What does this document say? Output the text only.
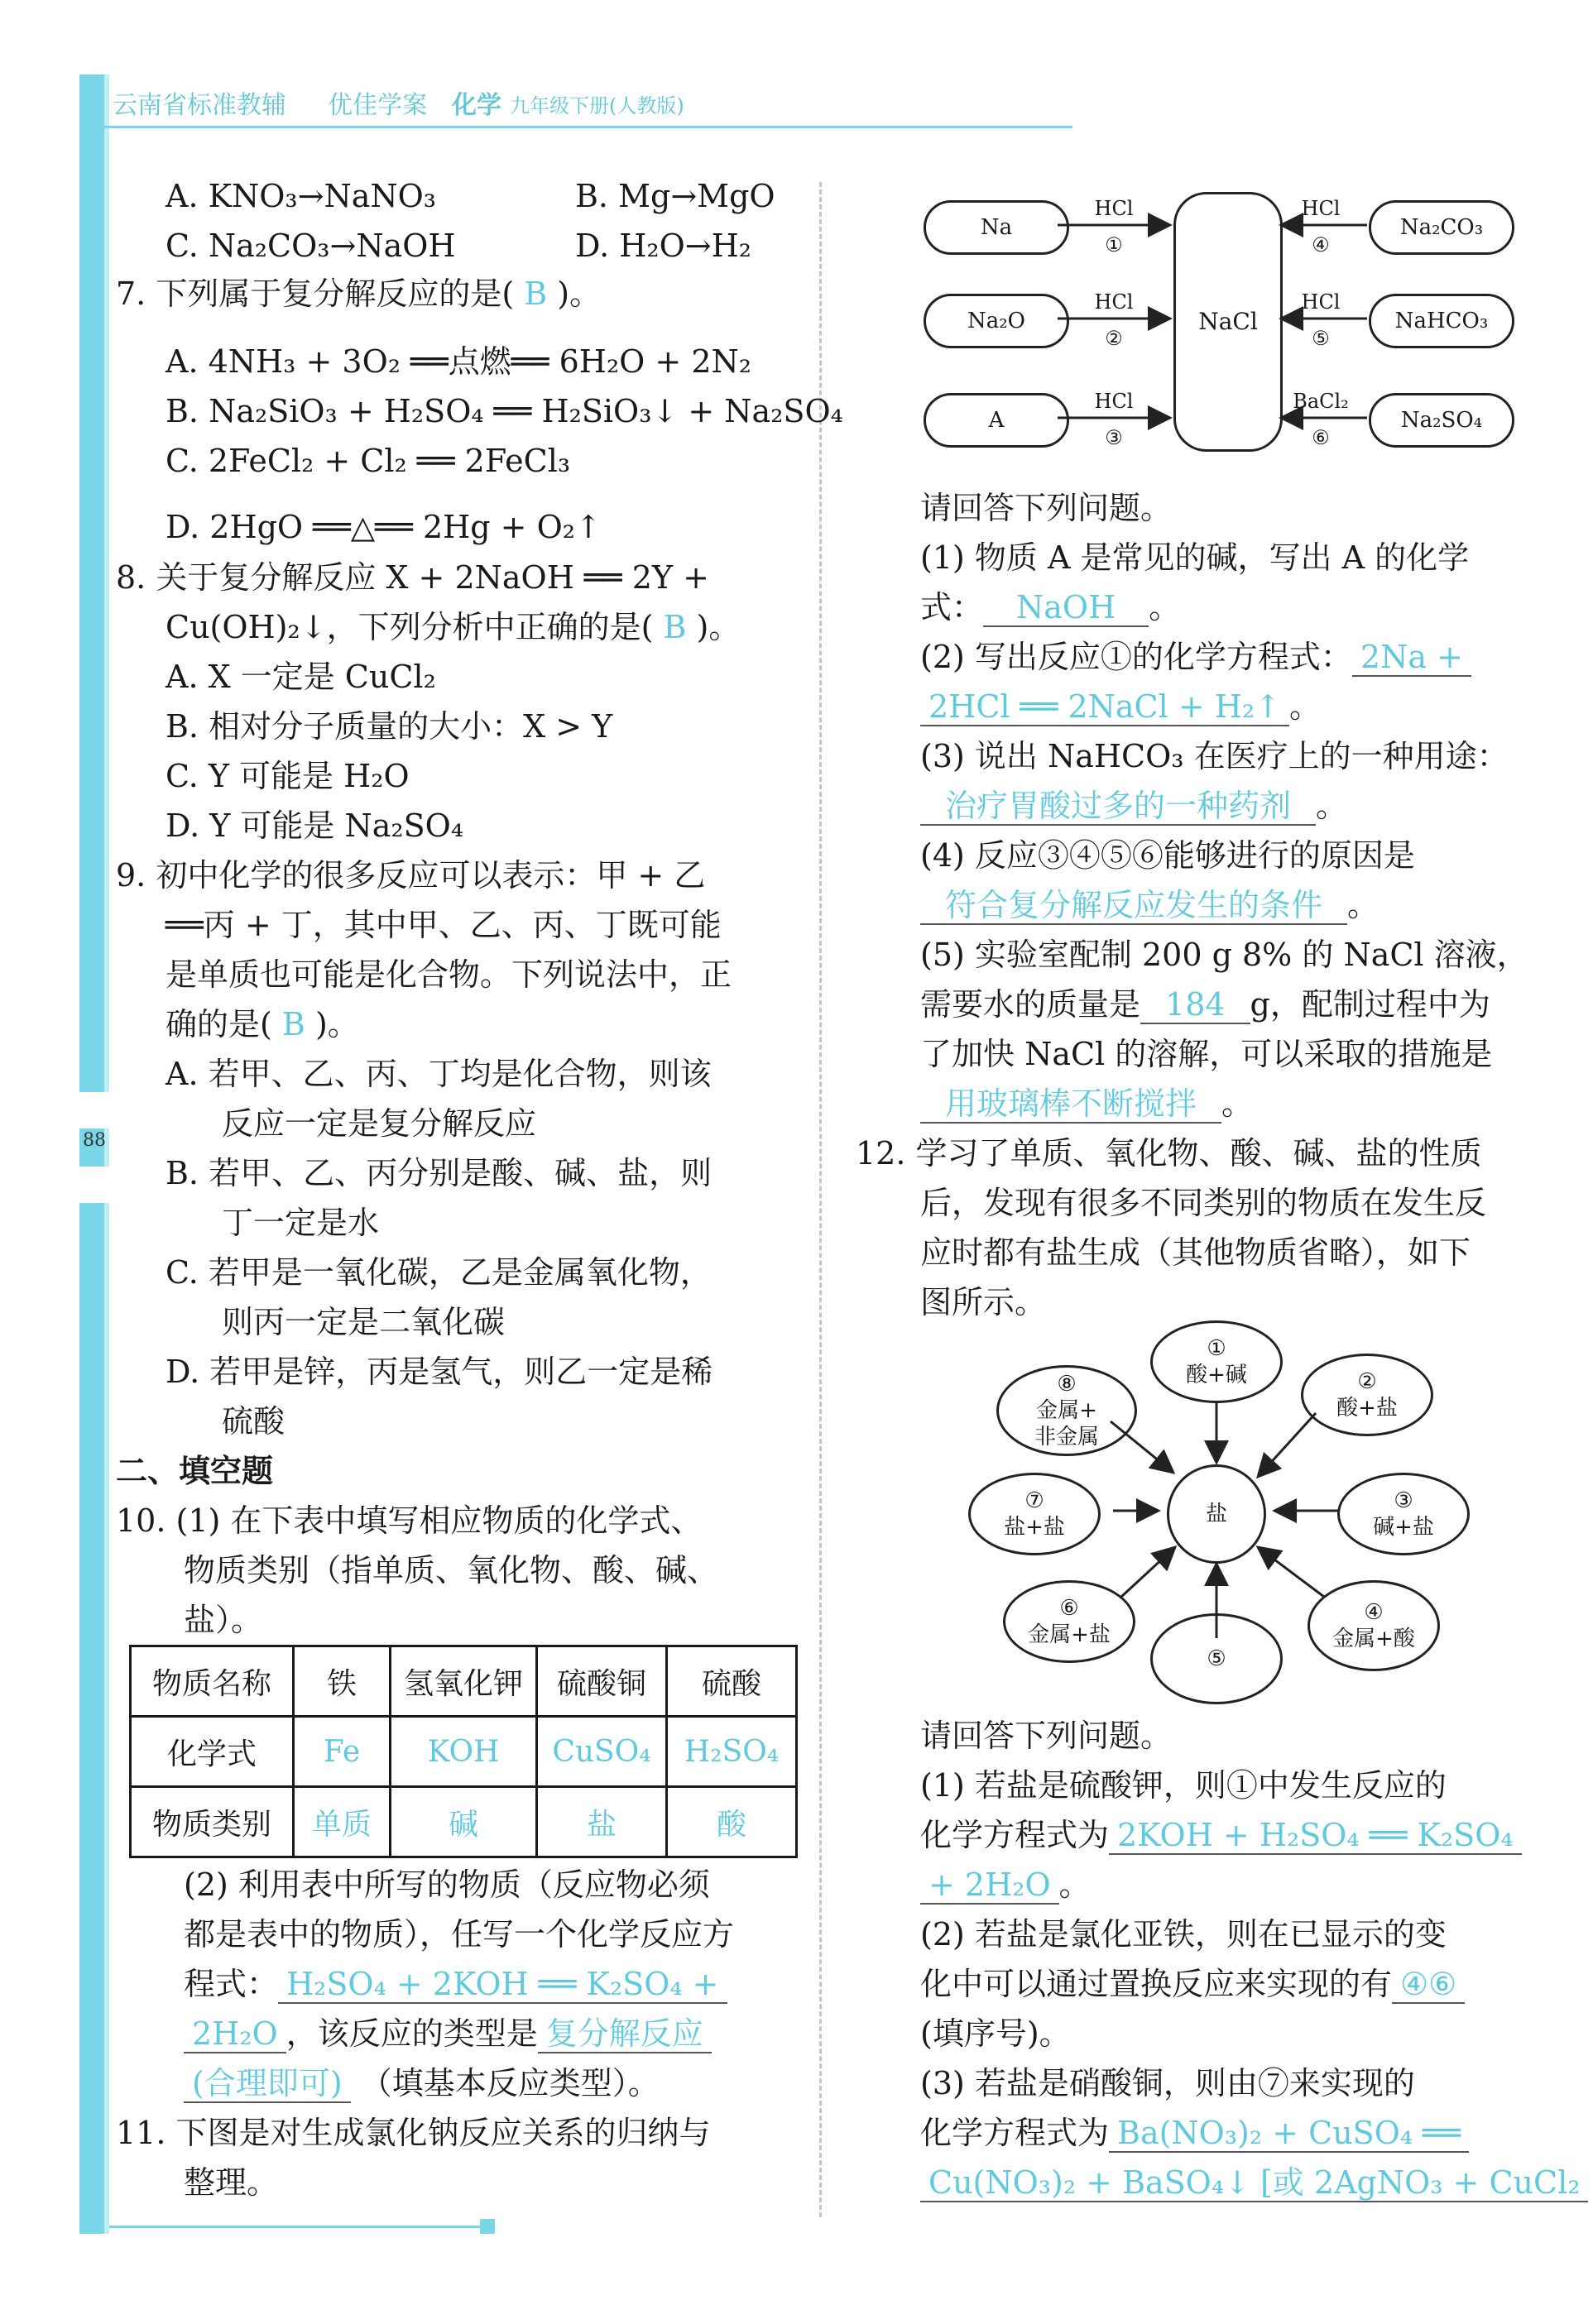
88
云南省标准教辅 优佳学案 化学 九年级下册(人教版)
A. KNO₃→NaNO₃	B. Mg→MgO
C. Na₂CO₃→NaOH	D. H₂O→H₂
7. 下列属于复分解反应的是( B )。
A. 4NH₃ + 3O₂ ══点燃══ 6H₂O + 2N₂
B. Na₂SiO₃ + H₂SO₄ ══ H₂SiO₃↓ + Na₂SO₄
C. 2FeCl₂ + Cl₂ ══ 2FeCl₃
D. 2HgO ══△══ 2Hg + O₂↑
8. 关于复分解反应 X + 2NaOH ══ 2Y +
Cu(OH)₂↓，下列分析中正确的是( B )。
A. X 一定是 CuCl₂
B. 相对分子质量的大小：X > Y
C. Y 可能是 H₂O
D. Y 可能是 Na₂SO₄
9. 初中化学的很多反应可以表示：甲 + 乙
══丙 + 丁，其中甲、乙、丙、丁既可能
是单质也可能是化合物。下列说法中，正
确的是( B )。
A. 若甲、乙、丙、丁均是化合物，则该
反应一定是复分解反应
B. 若甲、乙、丙分别是酸、碱、盐，则
丁一定是水
C. 若甲是一氧化碳，乙是金属氧化物，
则丙一定是二氧化碳
D. 若甲是锌，丙是氢气，则乙一定是稀
硫酸
二、填空题
10. (1) 在下表中填写相应物质的化学式、
物质类别（指单质、氧化物、酸、碱、
盐）。
物质名称	铁	氢氧化钾	硫酸铜	硫酸
化学式	Fe	KOH	CuSO₄	H₂SO₄
物质类别	单质	碱	盐	酸
(2) 利用表中所写的物质（反应物必须
都是表中的物质），任写一个化学反应方
程式： H₂SO₄ + 2KOH ══ K₂SO₄ +
2H₂O ，该反应的类型是 复分解反应
(合理即可) （填基本反应类型）。
11. 下图是对生成氯化钠反应关系的归纳与
整理。
Na
Na₂O
A
Na₂CO₃
NaHCO₃
Na₂SO₄
NaCl
HCl
①
HCl
②
HCl
③
HCl
④
HCl
⑤
BaCl₂
⑥
请回答下列问题。
(1) 物质 A 是常见的碱，写出 A 的化学
式： NaOH 。
(2) 写出反应①的化学方程式： 2Na +
2HCl ══ 2NaCl + H₂↑ 。
(3) 说出 NaHCO₃ 在医疗上的一种用途：
治疗胃酸过多的一种药剂 。
(4) 反应③④⑤⑥能够进行的原因是
符合复分解反应发生的条件 。
(5) 实验室配制 200 g 8% 的 NaCl 溶液，
需要水的质量是 184 g，配制过程中为
了加快 NaCl 的溶解，可以采取的措施是
用玻璃棒不断搅拌 。
12. 学习了单质、氧化物、酸、碱、盐的性质
后，发现有很多不同类别的物质在发生反
应时都有盐生成（其他物质省略），如下
图所示。
盐
①
酸+碱	②
酸+盐
③
碱+盐
④
金属+酸
⑤
⑥
金属+盐
⑦
盐+盐
⑧
金属+
非金属
请回答下列问题。
(1) 若盐是硫酸钾，则①中发生反应的
化学方程式为 2KOH + H₂SO₄ ══ K₂SO₄
+ 2H₂O 。
(2) 若盐是氯化亚铁，则在已显示的变
化中可以通过置换反应来实现的有 ④⑥
(填序号)。
(3) 若盐是硝酸铜，则由⑦来实现的
化学方程式为 Ba(NO₃)₂ + CuSO₄ ══
Cu(NO₃)₂ + BaSO₄↓ [或 2AgNO₃ + CuCl₂
